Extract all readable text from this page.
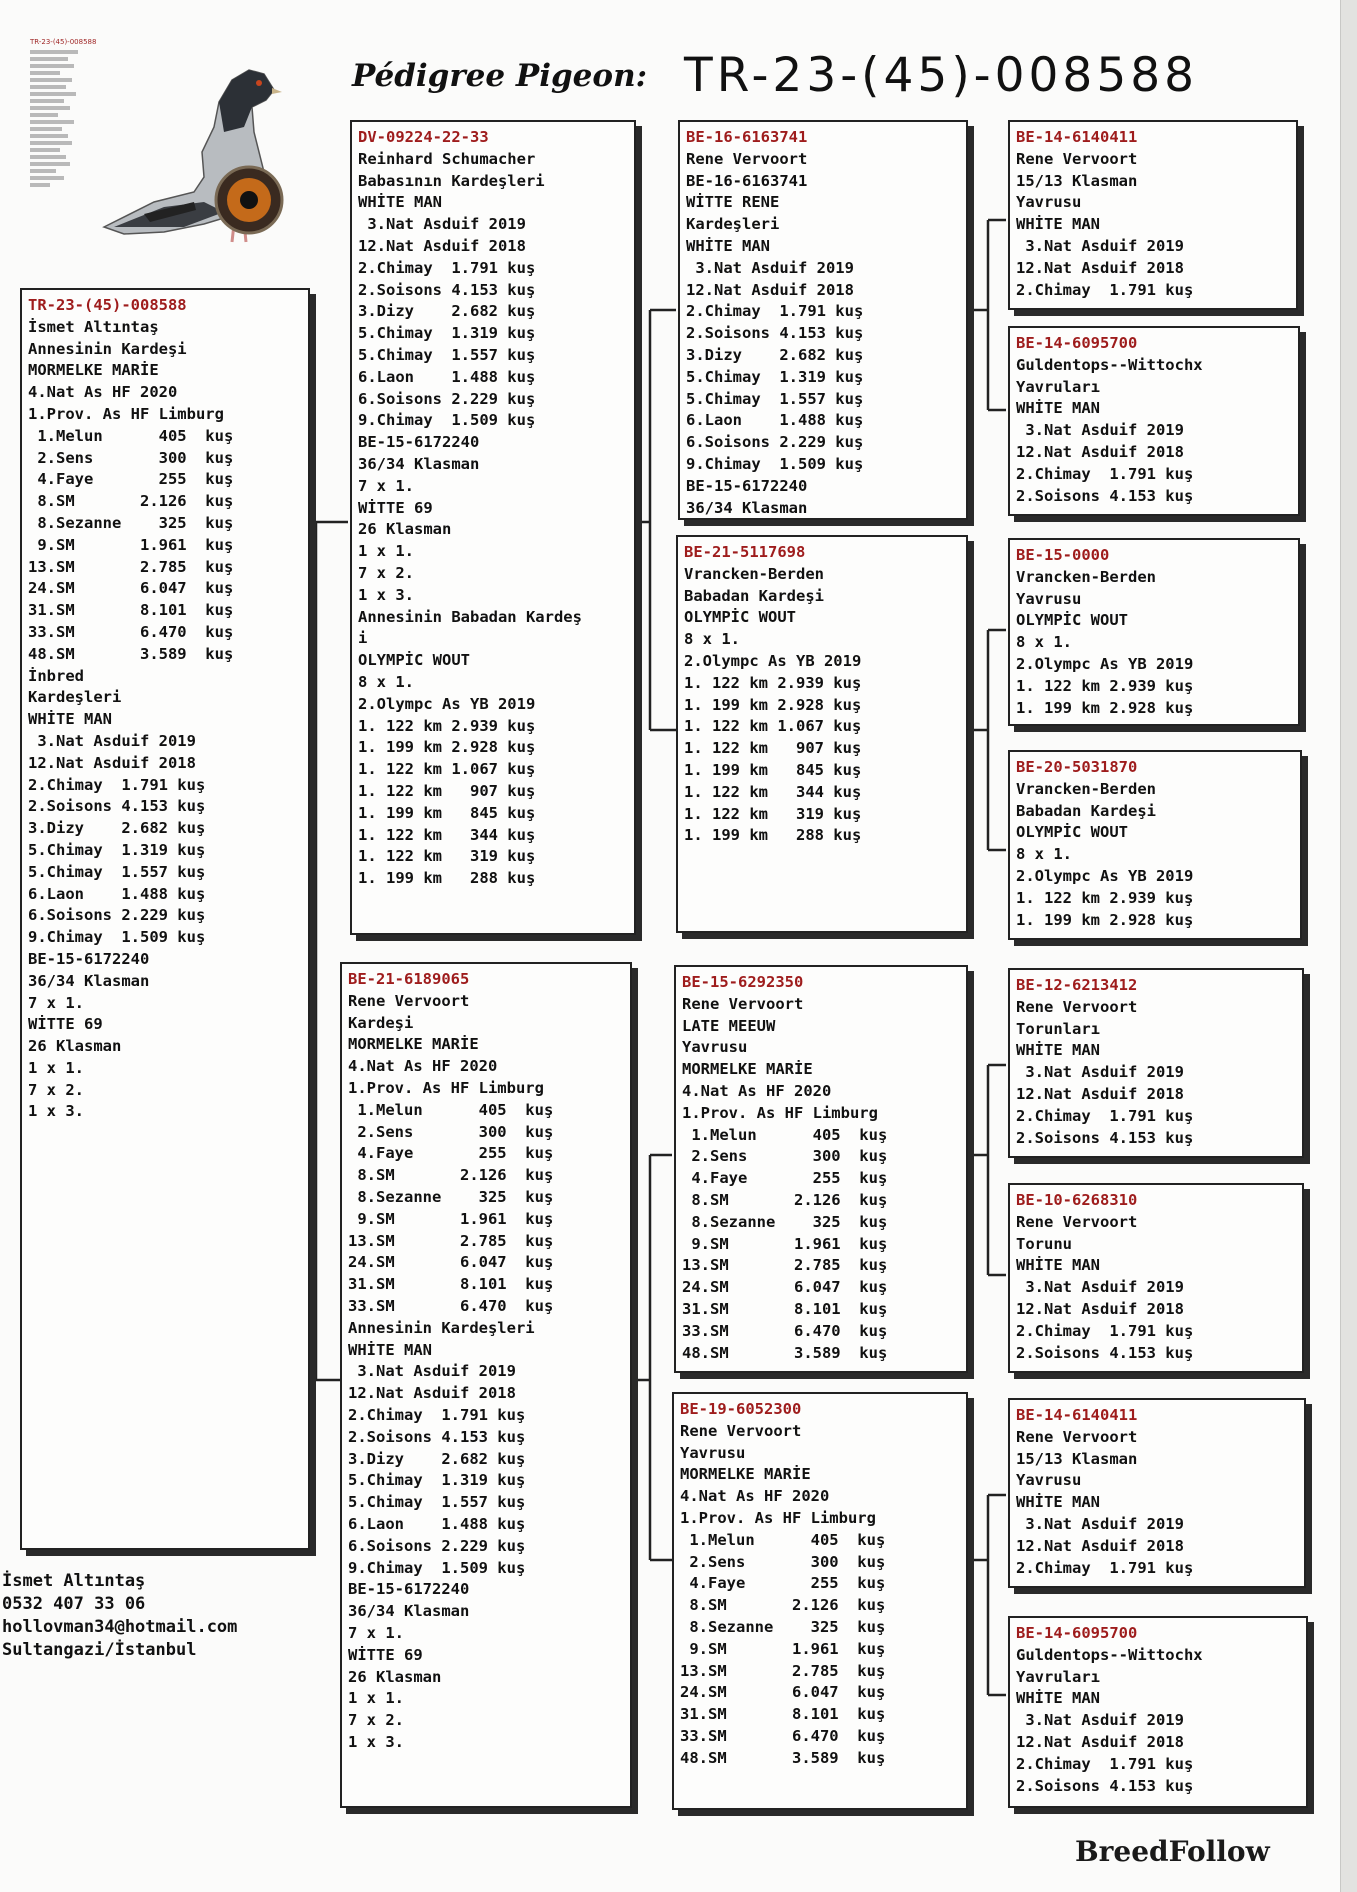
TR-23-(45)-008588
Pédigree Pigeon: TR-23-(45)-008588
TR-23-(45)-008588
İsmet Altıntaş
Annesinin Kardeşi
MORMELKE MARİE
4.Nat As HF 2020
1.Prov. As HF Limburg
1.Melun      405  kuş
2.Sens       300  kuş
4.Faye       255  kuş
8.SM       2.126  kuş
8.Sezanne    325  kuş
9.SM       1.961  kuş
13.SM       2.785  kuş
24.SM       6.047  kuş
31.SM       8.101  kuş
33.SM       6.470  kuş
48.SM       3.589  kuş
İnbred
Kardeşleri
WHİTE MAN
3.Nat Asduif 2019
12.Nat Asduif 2018
2.Chimay  1.791 kuş
2.Soisons 4.153 kuş
3.Dizy    2.682 kuş
5.Chimay  1.319 kuş
5.Chimay  1.557 kuş
6.Laon    1.488 kuş
6.Soisons 2.229 kuş
9.Chimay  1.509 kuş
BE-15-6172240
36/34 Klasman
7 x 1.
WİTTE 69
26 Klasman
1 x 1.
7 x 2.
1 x 3.
DV-09224-22-33
Reinhard Schumacher
Babasının Kardeşleri
WHİTE MAN
3.Nat Asduif 2019
12.Nat Asduif 2018
2.Chimay  1.791 kuş
2.Soisons 4.153 kuş
3.Dizy    2.682 kuş
5.Chimay  1.319 kuş
5.Chimay  1.557 kuş
6.Laon    1.488 kuş
6.Soisons 2.229 kuş
9.Chimay  1.509 kuş
BE-15-6172240
36/34 Klasman
7 x 1.
WİTTE 69
26 Klasman
1 x 1.
7 x 2.
1 x 3.
Annesinin Babadan Kardeş
i
OLYMPİC WOUT
8 x 1.
2.Olympc As YB 2019
1. 122 km 2.939 kuş
1. 199 km 2.928 kuş
1. 122 km 1.067 kuş
1. 122 km   907 kuş
1. 199 km   845 kuş
1. 122 km   344 kuş
1. 122 km   319 kuş
1. 199 km   288 kuş
BE-21-6189065
Rene Vervoort
Kardeşi
MORMELKE MARİE
4.Nat As HF 2020
1.Prov. As HF Limburg
1.Melun      405  kuş
2.Sens       300  kuş
4.Faye       255  kuş
8.SM       2.126  kuş
8.Sezanne    325  kuş
9.SM       1.961  kuş
13.SM       2.785  kuş
24.SM       6.047  kuş
31.SM       8.101  kuş
33.SM       6.470  kuş
Annesinin Kardeşleri
WHİTE MAN
3.Nat Asduif 2019
12.Nat Asduif 2018
2.Chimay  1.791 kuş
2.Soisons 4.153 kuş
3.Dizy    2.682 kuş
5.Chimay  1.319 kuş
5.Chimay  1.557 kuş
6.Laon    1.488 kuş
6.Soisons 2.229 kuş
9.Chimay  1.509 kuş
BE-15-6172240
36/34 Klasman
7 x 1.
WİTTE 69
26 Klasman
1 x 1.
7 x 2.
1 x 3.
BE-16-6163741
Rene Vervoort
BE-16-6163741
WİTTE RENE
Kardeşleri
WHİTE MAN
3.Nat Asduif 2019
12.Nat Asduif 2018
2.Chimay  1.791 kuş
2.Soisons 4.153 kuş
3.Dizy    2.682 kuş
5.Chimay  1.319 kuş
5.Chimay  1.557 kuş
6.Laon    1.488 kuş
6.Soisons 2.229 kuş
9.Chimay  1.509 kuş
BE-15-6172240
36/34 Klasman
BE-21-5117698
Vrancken-Berden
Babadan Kardeşi
OLYMPİC WOUT
8 x 1.
2.Olympc As YB 2019
1. 122 km 2.939 kuş
1. 199 km 2.928 kuş
1. 122 km 1.067 kuş
1. 122 km   907 kuş
1. 199 km   845 kuş
1. 122 km   344 kuş
1. 122 km   319 kuş
1. 199 km   288 kuş
BE-15-6292350
Rene Vervoort
LATE MEEUW
Yavrusu
MORMELKE MARİE
4.Nat As HF 2020
1.Prov. As HF Limburg
1.Melun      405  kuş
2.Sens       300  kuş
4.Faye       255  kuş
8.SM       2.126  kuş
8.Sezanne    325  kuş
9.SM       1.961  kuş
13.SM       2.785  kuş
24.SM       6.047  kuş
31.SM       8.101  kuş
33.SM       6.470  kuş
48.SM       3.589  kuş
BE-19-6052300
Rene Vervoort
Yavrusu
MORMELKE MARİE
4.Nat As HF 2020
1.Prov. As HF Limburg
1.Melun      405  kuş
2.Sens       300  kuş
4.Faye       255  kuş
8.SM       2.126  kuş
8.Sezanne    325  kuş
9.SM       1.961  kuş
13.SM       2.785  kuş
24.SM       6.047  kuş
31.SM       8.101  kuş
33.SM       6.470  kuş
48.SM       3.589  kuş
BE-14-6140411
Rene Vervoort
15/13 Klasman
Yavrusu
WHİTE MAN
3.Nat Asduif 2019
12.Nat Asduif 2018
2.Chimay  1.791 kuş
BE-14-6095700
Guldentops--Wittochx
Yavruları
WHİTE MAN
3.Nat Asduif 2019
12.Nat Asduif 2018
2.Chimay  1.791 kuş
2.Soisons 4.153 kuş
BE-15-0000
Vrancken-Berden
Yavrusu
OLYMPİC WOUT
8 x 1.
2.Olympc As YB 2019
1. 122 km 2.939 kuş
1. 199 km 2.928 kuş
BE-20-5031870
Vrancken-Berden
Babadan Kardeşi
OLYMPİC WOUT
8 x 1.
2.Olympc As YB 2019
1. 122 km 2.939 kuş
1. 199 km 2.928 kuş
BE-12-6213412
Rene Vervoort
Torunları
WHİTE MAN
3.Nat Asduif 2019
12.Nat Asduif 2018
2.Chimay  1.791 kuş
2.Soisons 4.153 kuş
BE-10-6268310
Rene Vervoort
Torunu
WHİTE MAN
3.Nat Asduif 2019
12.Nat Asduif 2018
2.Chimay  1.791 kuş
2.Soisons 4.153 kuş
BE-14-6140411
Rene Vervoort
15/13 Klasman
Yavrusu
WHİTE MAN
3.Nat Asduif 2019
12.Nat Asduif 2018
2.Chimay  1.791 kuş
BE-14-6095700
Guldentops--Wittochx
Yavruları
WHİTE MAN
3.Nat Asduif 2019
12.Nat Asduif 2018
2.Chimay  1.791 kuş
2.Soisons 4.153 kuş
İsmet Altıntaş
0532 407 33 06
hollovman34@hotmail.com
Sultangazi/İstanbul
BreedFollow
